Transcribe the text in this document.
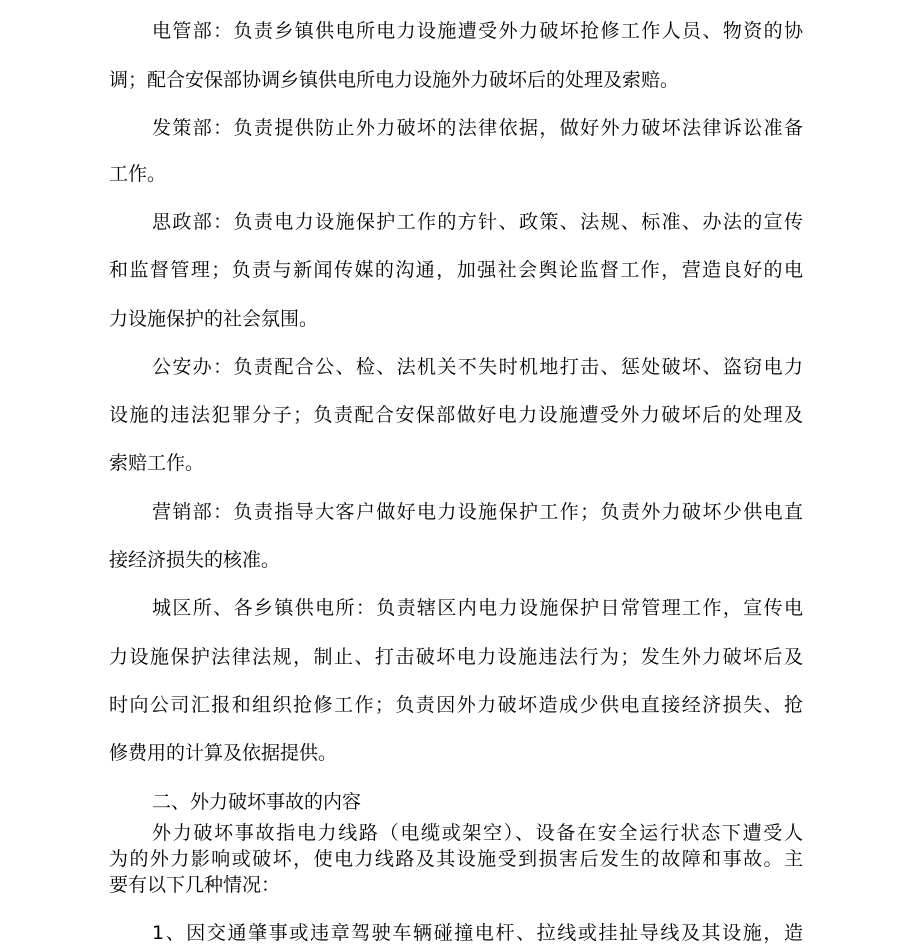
电管部：负责乡镇供电所电力设施遭受外力破坏抢修工作人员、物资的协
调；配合安保部协调乡镇供电所电力设施外力破坏后的处理及索赔。
发策部：负责提供防止外力破坏的法律依据，做好外力破坏法律诉讼准备
工作。
思政部：负责电力设施保护工作的方针、政策、法规、标准、办法的宣传
和监督管理；负责与新闻传媒的沟通，加强社会舆论监督工作，营造良好的电
力设施保护的社会氛围。
公安办：负责配合公、检、法机关不失时机地打击、惩处破坏、盗窃电力
设施的违法犯罪分子；负责配合安保部做好电力设施遭受外力破坏后的处理及
索赔工作。
营销部：负责指导大客户做好电力设施保护工作；负责外力破坏少供电直
接经济损失的核准。
城区所、各乡镇供电所：负责辖区内电力设施保护日常管理工作，宣传电
力设施保护法律法规，制止、打击破坏电力设施违法行为；发生外力破坏后及
时向公司汇报和组织抢修工作；负责因外力破坏造成少供电直接经济损失、抢
修费用的计算及依据提供。
二、外力破坏事故的内容
外力破坏事故指电力线路（电缆或架空）、设备在安全运行状态下遭受人
为的外力影响或破坏，使电力线路及其设施受到损害后发生的故障和事故。主
要有以下几种情况：
1、因交通肇事或违章驾驶车辆碰撞电杆、拉线或挂扯导线及其设施，造
